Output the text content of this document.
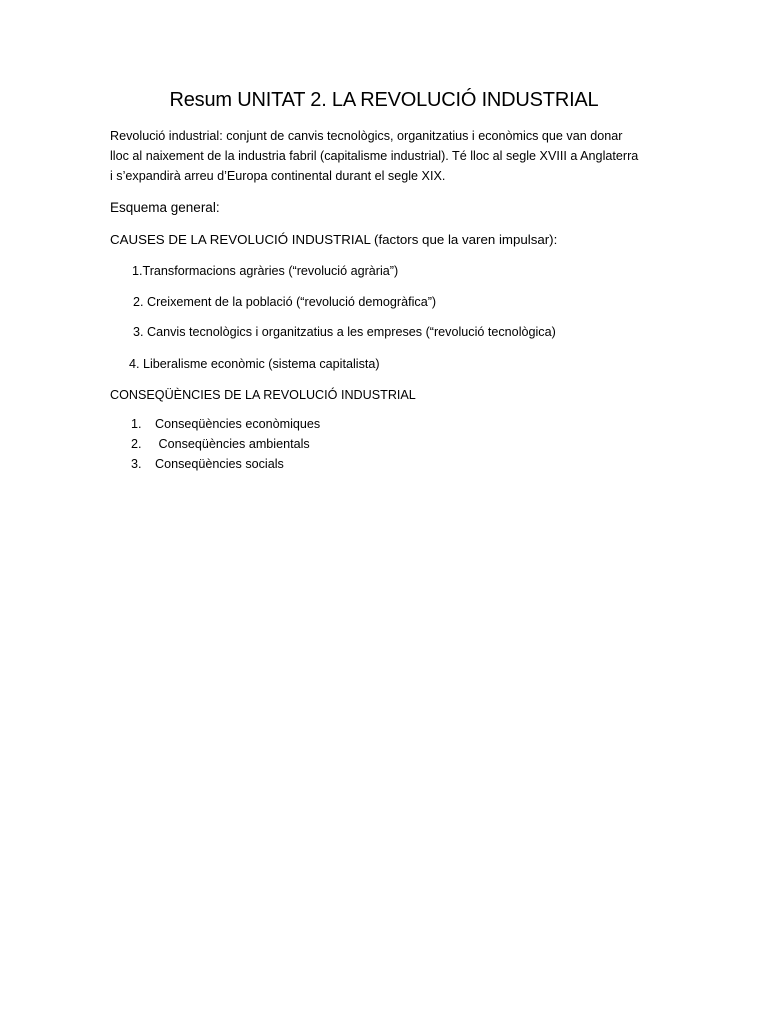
Resum UNITAT 2. LA REVOLUCIÓ INDUSTRIAL

Revolució industrial: conjunt de canvis tecnològics, organitzatius i econòmics que van donar
lloc al naixement de la industria fabril (capitalisme industrial). Té lloc al segle XVIII a Anglaterra
i s’expandirà arreu d’Europa continental durant el segle XIX.

Esquema general:

CAUSES DE LA REVOLUCIÓ INDUSTRIAL (factors que la varen impulsar):

1.Transformacions agràries (“revolució agrària”)

2. Creixement de la població (“revolució demogràfica”)

3. Canvis tecnològics i organitzatius a les empreses (“revolució tecnològica)

4. Liberalisme econòmic (sistema capitalista)

CONSEQÜÈNCIES DE LA REVOLUCIÓ INDUSTRIAL

1. Conseqüències econòmiques
2. Conseqüències ambientals
3. Conseqüències socials
